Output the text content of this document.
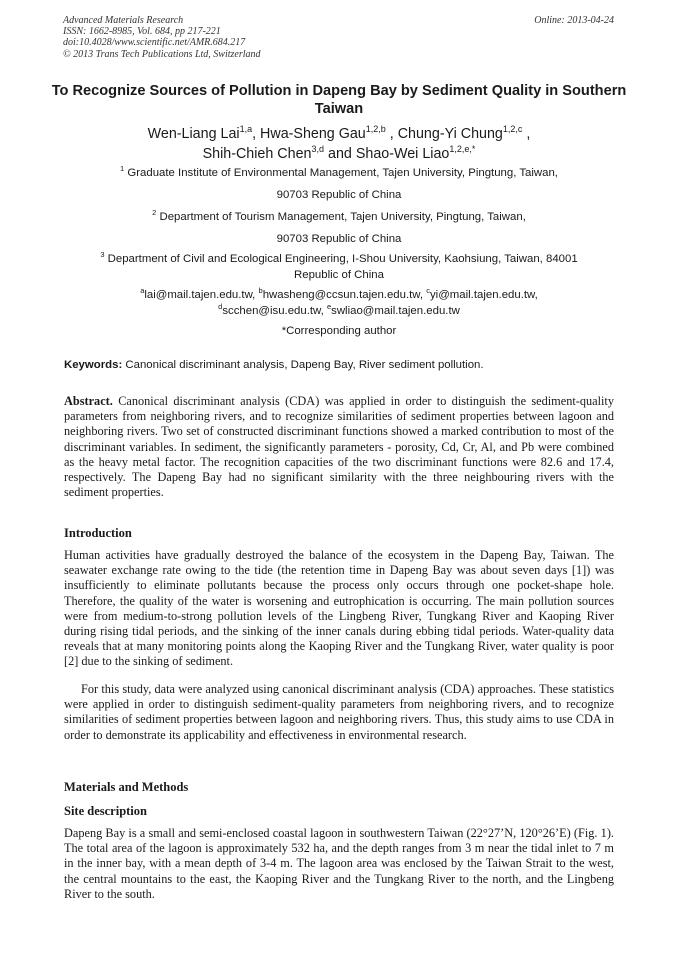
Advanced Materials Research
ISSN: 1662-8985, Vol. 684, pp 217-221
doi:10.4028/www.scientific.net/AMR.684.217
© 2013 Trans Tech Publications Ltd, Switzerland
Online: 2013-04-24
To Recognize Sources of Pollution in Dapeng Bay by Sediment Quality in Southern Taiwan
Wen-Liang Lai$^{1,a}$, Hwa-Sheng Gau$^{1,2,b}$ , Chung-Yi Chung$^{1,2,c}$ ,
Shih-Chieh Chen$^{3,d}$ and Shao-Wei Liao$^{1,2,e,*}$
$^1$ Graduate Institute of Environmental Management, Tajen University, Pingtung, Taiwan,
90703 Republic of China
$^2$ Department of Tourism Management, Tajen University, Pingtung, Taiwan,
90703 Republic of China
$^3$ Department of Civil and Ecological Engineering, I-Shou University, Kaohsiung, Taiwan, 84001
Republic of China
$^a$lai@mail.tajen.edu.tw, $^b$hwasheng@ccsun.tajen.edu.tw, $^c$yi@mail.tajen.edu.tw,
$^d$scchen@isu.edu.tw, $^e$swliao@mail.tajen.edu.tw
*Corresponding author
Keywords: Canonical discriminant analysis, Dapeng Bay, River sediment pollution.
Abstract. Canonical discriminant analysis (CDA) was applied in order to distinguish the sediment-quality parameters from neighboring rivers, and to recognize similarities of sediment properties between lagoon and neighboring rivers. Two set of constructed discriminant functions showed a marked contribution to most of the discriminant variables. In sediment, the significantly parameters - porosity, Cd, Cr, Al, and Pb were combined as the heavy metal factor. The recognition capacities of the two discriminant functions were 82.6 and 17.4, respectively. The Dapeng Bay had no significant similarity with the three neighbouring rivers with the sediment properties.
Introduction
Human activities have gradually destroyed the balance of the ecosystem in the Dapeng Bay, Taiwan. The seawater exchange rate owing to the tide (the retention time in Dapeng Bay was about seven days [1]) was insufficiently to eliminate pollutants because the process only occurs through one pocket-shape hole. Therefore, the quality of the water is worsening and eutrophication is occurring. The main pollution sources were from medium-to-strong pollution levels of the Lingbeng River, Tungkang River and Kaoping River during rising tidal periods, and the sinking of the inner canals during ebbing tidal periods. Water-quality data reveals that at many monitoring points along the Kaoping River and the Tungkang River, water quality is poor [2] due to the sinking of sediment.
For this study, data were analyzed using canonical discriminant analysis (CDA) approaches. These statistics were applied in order to distinguish sediment-quality parameters from neighboring rivers, and to recognize similarities of sediment properties between lagoon and neighboring rivers. Thus, this study aims to use CDA in order to demonstrate its applicability and effectiveness in environmental research.
Materials and Methods
Site description
Dapeng Bay is a small and semi-enclosed coastal lagoon in southwestern Taiwan (22°27’N, 120°26’E) (Fig. 1). The total area of the lagoon is approximately 532 ha, and the depth ranges from 3 m near the tidal inlet to 7 m in the inner bay, with a mean depth of 3-4 m. The lagoon area was enclosed by the Taiwan Strait to the west, the central mountains to the east, the Kaoping River and the Tungkang River to the north, and the Lingbeng River to the south.
